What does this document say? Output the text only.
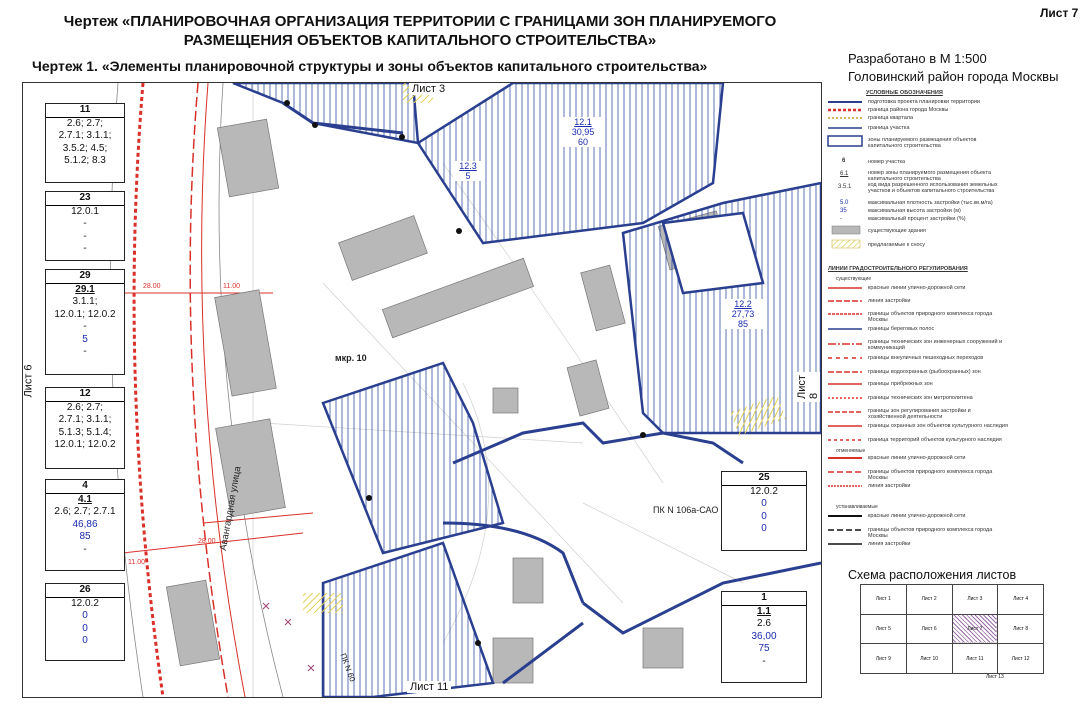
Чертеж «ПЛАНИРОВОЧНАЯ ОРГАНИЗАЦИЯ ТЕРРИТОРИИ С ГРАНИЦАМИ ЗОН ПЛАНИРУЕМОГО
РАЗМЕЩЕНИЯ ОБЪЕКТОВ КАПИТАЛЬНОГО СТРОИТЕЛЬСТВА»
Лист 7
Чертеж 1. «Элементы планировочной структуры и зоны объектов капитального строительства»	Разработано в М 1:500
Головинский район города Москвы
Лист 3
Лист 11
Лист 6	Лист 8
Авангардная улица
мкр. 10
ПК N 106а-САО
ПК N 60
28.00	11.00
28.00
11.00
12.1
30,95
60
12.3
5
12.2
27,73
85
11
2.6; 2.7;
2.7.1; 3.1.1;
3.5.2; 4.5;
5.1.2; 8.3
23
12.0.1
-
-
-
29
29.1
3.1.1;
12.0.1; 12.0.2
-
5
-
12
2.6; 2.7;
2.7.1; 3.1.1;
5.1.3; 5.1.4;
12.0.1; 12.0.2
4
4.1
2.6; 2.7; 2.7.1
46,86
85
-
26
12.0.2
0
0
0
25
12.0.2
0
0
0
1
1.1
2.6
36,00
75
-
УСЛОВНЫЕ ОБОЗНАЧЕНИЯ
подготовка проекта планировки территории
граница района города Москвы
граница квартала
граница участка
зоны планируемого размещения объектов капитального строительства
6	номер участка
6.1	номер зоны планируемого размещения объекта капитального строительства
3.5.1	код вида разрешенного использования земельных участков и объектов капитального строительства
5.0	максимальная плотность застройки (тыс.кв.м/га)
35	максимальная высота застройки (м)
-	максимальный процент застройки (%)
существующие здания
предлагаемые к сносу
ЛИНИИ ГРАДОСТРОИТЕЛЬНОГО РЕГУЛИРОВАНИЯ
существующие
красные линии улично-дорожной сети
линия застройки
границы объектов природного комплекса города Москвы
границы береговых полос
границы технических зон инженерных сооружений и коммуникаций
границы внеуличных пешеходных переходов
границы водоохранных (рыбоохранных) зон
границы прибрежных зон
границы технических зон метрополитена
границы зон регулирования застройки и хозяйственной деятельности
границы охранных зон объектов культурного наследия
граница территорий объектов культурного наследия
отменяемые
красные линии улично-дорожной сети
границы объектов природного комплекса города Москвы
линия застройки
устанавливаемые
красные линии улично-дорожной сети
границы объектов природного комплекса города Москвы
линия застройки
Схема расположения листов
Лист 1	Лист 2	Лист 3	Лист 4
Лист 5	Лист 6	Лист 7	Лист 8
Лист 9	Лист 10	Лист 11	Лист 12
Лист 13
